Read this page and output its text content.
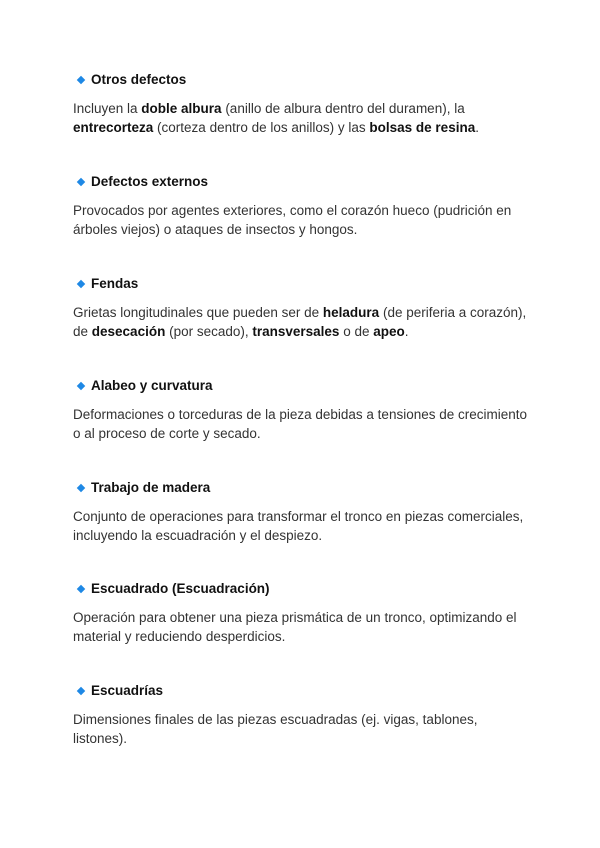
Otros defectos

Incluyen la doble albura (anillo de albura dentro del duramen), la entrecorteza (corteza dentro de los anillos) y las bolsas de resina.

Defectos externos

Provocados por agentes exteriores, como el corazón hueco (pudrición en árboles viejos) o ataques de insectos y hongos.

Fendas

Grietas longitudinales que pueden ser de heladura (de periferia a corazón), de desecación (por secado), transversales o de apeo.

Alabeo y curvatura

Deformaciones o torceduras de la pieza debidas a tensiones de crecimiento o al proceso de corte y secado.

Trabajo de madera

Conjunto de operaciones para transformar el tronco en piezas comerciales, incluyendo la escuadración y el despiezo.

Escuadrado (Escuadración)

Operación para obtener una pieza prismática de un tronco, optimizando el material y reduciendo desperdicios.

Escuadrías

Dimensiones finales de las piezas escuadradas (ej. vigas, tablones, listones).
